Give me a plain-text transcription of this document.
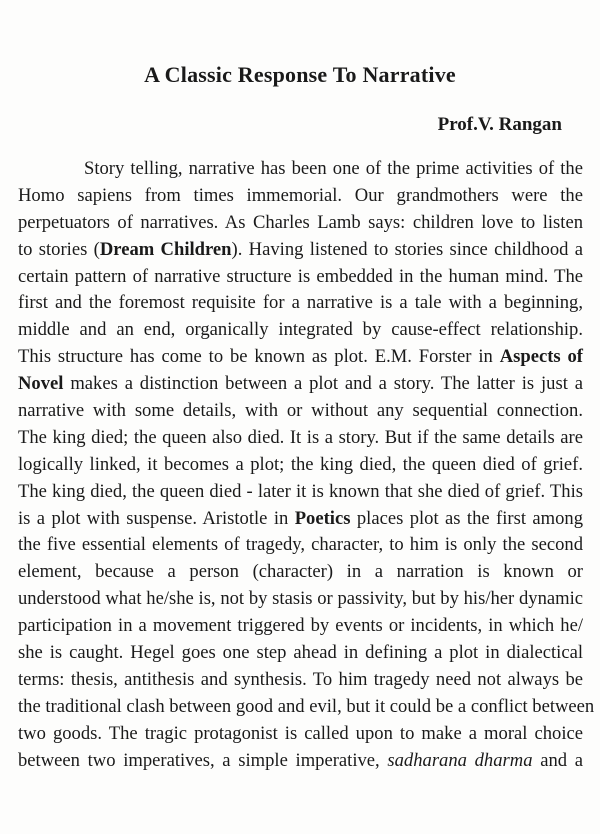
A Classic Response To Narrative

Prof.V. Rangan

Story telling, narrative has been one of the prime activities of the
Homo sapiens from times immemorial. Our grandmothers were the
perpetuators of narratives. As Charles Lamb says: children love to listen
to stories (Dream Children). Having listened to stories since childhood a
certain pattern of narrative structure is embedded in the human mind. The
first and the foremost requisite for a narrative is a tale with a beginning,
middle and an end, organically integrated by cause-effect relationship.
This structure has come to be known as plot. E.M. Forster in Aspects of
Novel makes a distinction between a plot and a story. The latter is just a
narrative with some details, with or without any sequential connection.
The king died; the queen also died. It is a story. But if the same details are
logically linked, it becomes a plot; the king died, the queen died of grief.
The king died, the queen died - later it is known that she died of grief. This
is a plot with suspense. Aristotle in Poetics places plot as the first among
the five essential elements of tragedy, character, to him is only the second
element, because a person (character) in a narration is known or
understood what he/she is, not by stasis or passivity, but by his/her dynamic
participation in a movement triggered by events or incidents, in which he/
she is caught. Hegel goes one step ahead in defining a plot in dialectical
terms: thesis, antithesis and synthesis. To him tragedy need not always be
the traditional clash between good and evil, but it could be a conflict between
two goods. The tragic protagonist is called upon to make a moral choice
between two imperatives, a simple imperative, sadharana dharma and a
